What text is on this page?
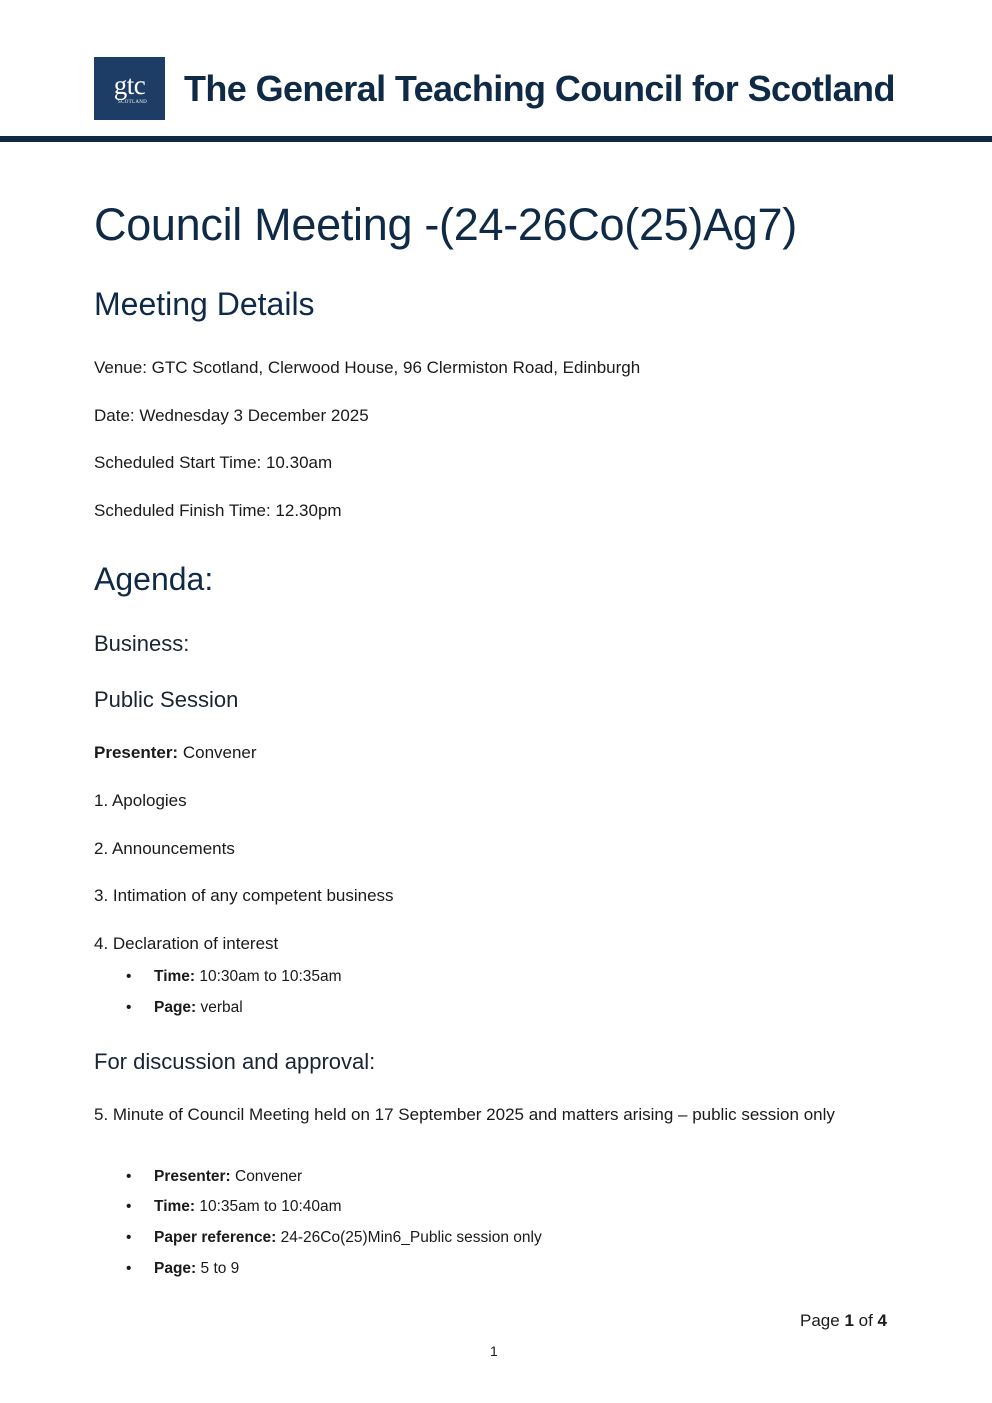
gtc
SCOTLAND	The General Teaching Council for Scotland
Council Meeting -(24-26Co(25)Ag7)
Meeting Details

Venue: GTC Scotland, Clerwood House, 96 Clermiston Road, Edinburgh

Date: Wednesday 3 December 2025

Scheduled Start Time: 10.30am

Scheduled Finish Time: 12.30pm

Agenda:
Business:
Public Session

Presenter: Convener

1. Apologies

2. Announcements

3. Intimation of any competent business

4. Declaration of interest

Time: 10:30am to 10:35am
Page: verbal
For discussion and approval:

5. Minute of Council Meeting held on 17 September 2025 and matters arising – public session only

Presenter: Convener
Time: 10:35am to 10:40am
Paper reference: 24-26Co(25)Min6_Public session only
Page: 5 to 9
Page 1 of 4
1
